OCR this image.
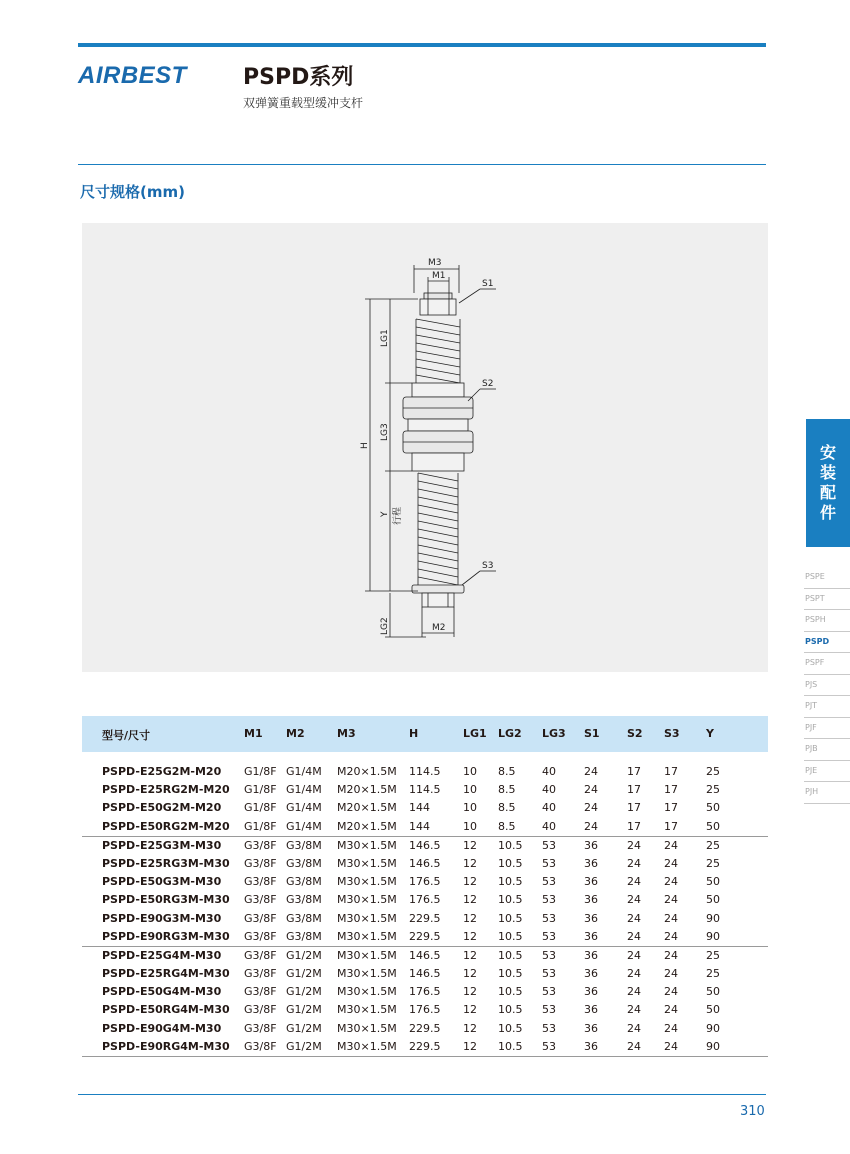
AIRBEST	PSPD系列
双弹簧重载型缓冲支杆
尺寸规格(mm)
M3
M1
S1
S2
S3
LG1
LG3
H
Y 行程
LG2	M2
型号/尺寸	M1 M2	M3	H	LG1 LG2 LG3 S1 S2 S3 Y
PSPD-E25G2M-M20 G1/8F G1/4M M20×1.5M 114.5 10 8.5 40	24	17 17	25
PSPD-E25RG2M-M20 G1/8F G1/4M M20×1.5M 114.5 10 8.5 40	24	17 17	25
PSPD-E50G2M-M20 G1/8F G1/4M M20×1.5M 144	10 8.5 40	24	17 17	50
PSPD-E50RG2M-M20 G1/8F G1/4M M20×1.5M 144	10 8.5 40	24	17 17	50
PSPD-E25G3M-M30 G3/8F G3/8M M30×1.5M 146.5 12 10.5 53	36	24 24	25
PSPD-E25RG3M-M30 G3/8F G3/8M M30×1.5M 146.5 12 10.5 53	36	24 24	25
PSPD-E50G3M-M30 G3/8F G3/8M M30×1.5M 176.5 12 10.5 53	36	24 24	50
PSPD-E50RG3M-M30 G3/8F G3/8M M30×1.5M 176.5 12 10.5 53	36	24 24	50
PSPD-E90G3M-M30 G3/8F G3/8M M30×1.5M 229.5 12 10.5 53	36	24 24	90
PSPD-E90RG3M-M30 G3/8F G3/8M M30×1.5M 229.5 12 10.5 53	36	24 24	90
PSPD-E25G4M-M30 G3/8F G1/2M M30×1.5M 146.5 12 10.5 53	36	24 24	25
PSPD-E25RG4M-M30 G3/8F G1/2M M30×1.5M 146.5 12 10.5 53	36	24 24	25
PSPD-E50G4M-M30 G3/8F G1/2M M30×1.5M 176.5 12 10.5 53	36	24 24	50
PSPD-E50RG4M-M30 G3/8F G1/2M M30×1.5M 176.5 12 10.5 53	36	24 24	50
PSPD-E90G4M-M30 G3/8F G1/2M M30×1.5M 229.5 12 10.5 53	36	24 24	90
PSPD-E90RG4M-M30 G3/8F G1/2M M30×1.5M 229.5 12 10.5 53	36	24 24	90
安
装
配
件
PSPE
PSPT
PSPH
PSPD
PSPF
PJS
PJT
PJF
PJB
PJE
PJH
310
